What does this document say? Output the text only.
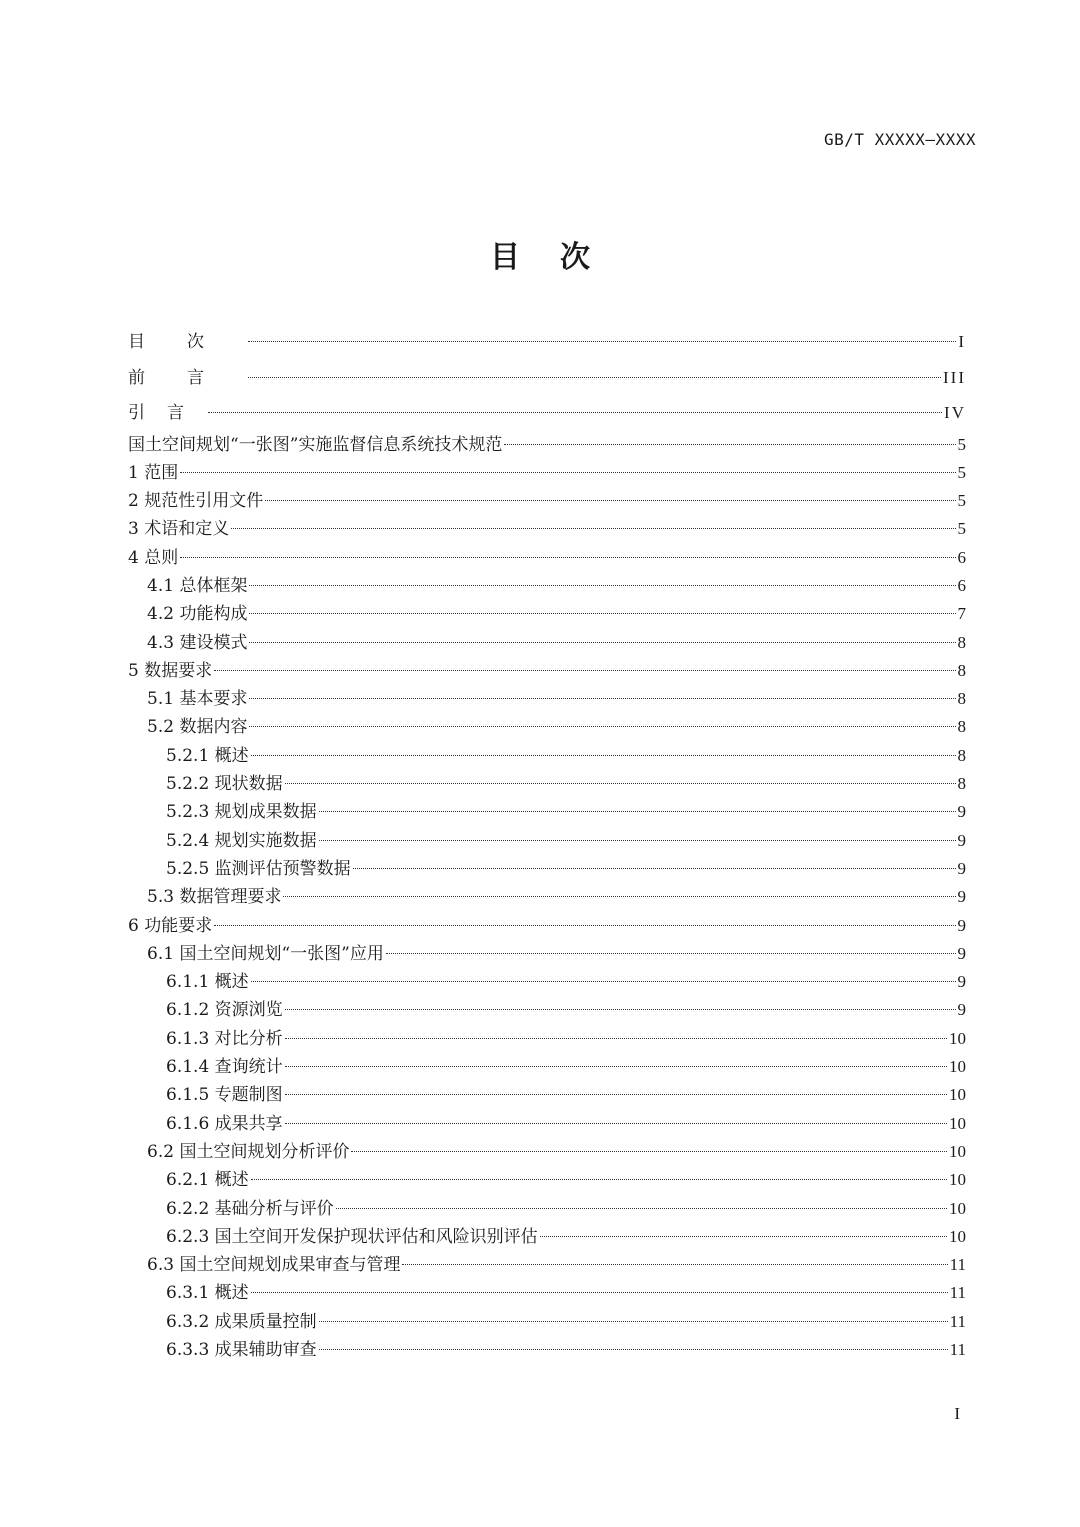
GB/T XXXXX—XXXX
目次
目次	I
前言	III
引言	IV
国土空间规划“一张图”实施监督信息系统技术规范	5
1 范围	5
2 规范性引用文件	5
3 术语和定义	5
4 总则	6
4.1 总体框架	6
4.2 功能构成	7
4.3 建设模式	8
5 数据要求	8
5.1 基本要求	8
5.2 数据内容	8
5.2.1 概述	8
5.2.2 现状数据	8
5.2.3 规划成果数据	9
5.2.4 规划实施数据	9
5.2.5 监测评估预警数据	9
5.3 数据管理要求	9
6 功能要求	9
6.1 国土空间规划“一张图”应用	9
6.1.1 概述	9
6.1.2 资源浏览	9
6.1.3 对比分析	10
6.1.4 查询统计	10
6.1.5 专题制图	10
6.1.6 成果共享	10
6.2 国土空间规划分析评价	10
6.2.1 概述	10
6.2.2 基础分析与评价	10
6.2.3 国土空间开发保护现状评估和风险识别评估	10
6.3 国土空间规划成果审查与管理	11
6.3.1 概述	11
6.3.2 成果质量控制	11
6.3.3 成果辅助审查	11
I
